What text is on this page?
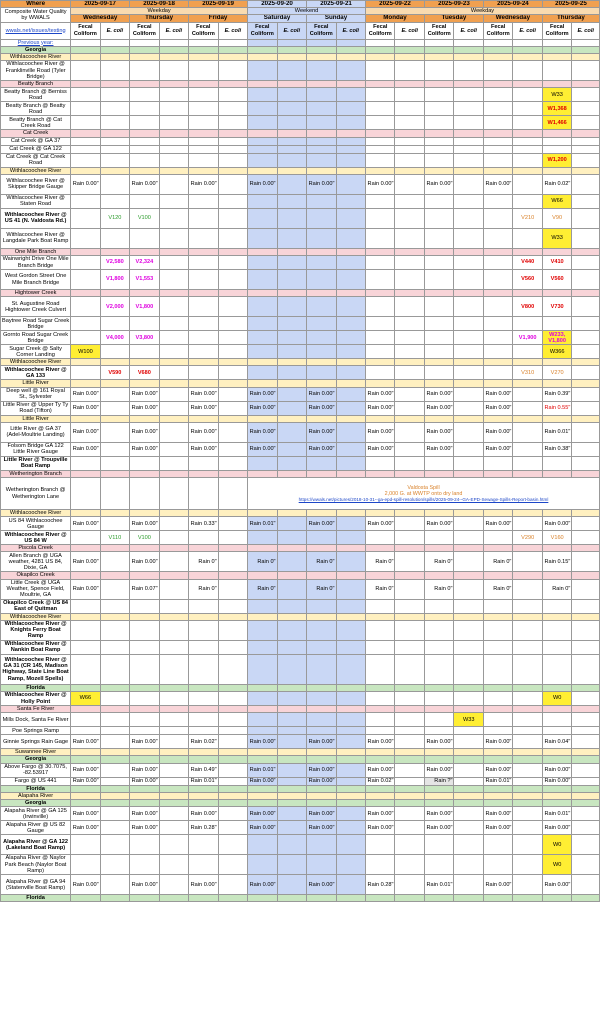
Where	2025-09-17		2025-09-18		2025-09-19		2025-09-20		2025-09-21		2025-09-22		2025-09-23		2025-09-24		2025-09-25	
Composite Water Quality by WWALS	Weekday						Weekend				Weekday							
	Wednesday		Thursday		Friday		Saturday		Sunday		Monday		Tuesday		Wednesday		Thursday	
wwals.net/issues/testing	Fecal Coliform	E. coli	Fecal Coliform	E. coli	Fecal Coliform	E. coli	Fecal Coliform	E. coli	Fecal Coliform	E. coli	Fecal Coliform	E. coli	Fecal Coliform	E. coli	Fecal Coliform	E. coli	Fecal Coliform	E. coli
Previous year:																		
Georgia																		
Withlacoochee River																		
Withlacoochee River @ Franklinville Road (Tyler Bridge)																		
Beatty Branch																		
Beatty Branch @ Berniss Road																	W33	
Beatty Branch @ Beatty Road																	W1,368	
Beatty Branch @ Cat Creek Road																	W1,466	
Cat Creek																		
Cat Creek @ GA 37																		
Cat Creek @ GA 122																		
Cat Creek @ Cat Creek Road																	W1,200	
Withlacoochee River																		
Withlacoochee River @ Skipper Bridge Gauge	Rain 0.00"		Rain 0.00"		Rain 0.00"		Rain 0.00"		Rain 0.00"		Rain 0.00"		Rain 0.00"		Rain 0.00"		Rain 0.02"	
Withlacoochee River @ Staten Road																	W66	
Withlacoochee River @ US 41 (N. Valdosta Rd.)		V120	V100													V210	V90	
Withlacoochee River @ Langdale Park Boat Ramp																	W33	
One Mile Branch																		
Wainwright Drive One Mile Branch Bridge		V2,580	V2,324													V440	V410	
West Gordon Street One Mile Branch Bridge		V1,800	V1,553													V560	V560	
Hightower Creek																		
St. Augustine Road Hightower Creek Culvert		V2,000	V1,800													V800	V730	
Baytree Road Sugar Creek Bridge																		
Gornto Road Sugar Creek Bridge		V4,000	V3,800													V1,900	W233, V1,800	
Sugar Creek @ Salty Corner Landing	W100																W366	
Withlacoochee River																		
Withlacoochee River @ GA 133		V590	V680													V310	V270	
Little River																		
Deep well @ 161 Royal St., Sylvester	Rain 0.00"		Rain 0.00"		Rain 0.00"		Rain 0.00"		Rain 0.00"		Rain 0.00"		Rain 0.00"		Rain 0.00"		Rain 0.39"	
Little River @ Upper Ty Ty Road (Tifton)	Rain 0.00"		Rain 0.00"		Rain 0.00"		Rain 0.00"		Rain 0.00"		Rain 0.00"		Rain 0.00"		Rain 0.00"		Rain 0.55"	
Little River																		
Little River @ GA 37 (Adel-Moultrie Landing)	Rain 0.00"		Rain 0.00"		Rain 0.00"		Rain 0.00"		Rain 0.00"		Rain 0.00"		Rain 0.00"		Rain 0.00"		Rain 0.01"	
Folsom Bridge GA 122 Little River Gauge	Rain 0.00"		Rain 0.00"		Rain 0.00"		Rain 0.00"		Rain 0.00"		Rain 0.00"		Rain 0.00"		Rain 0.00"		Rain 0.38"	
Little River @ Troupville Boat Ramp																		
Wetherington Branch																		
Wetherington Branch @ Wetherington Lane							Valdosta Spill
2,000 G. at WWTP onto dry land
https://wwals.net/pictures/2018-10-31--ga-epd-spill-resolution/spills/2025-09-24--GA-EPD-Sewage-Spills-Report-basin.html											

Withlacoochee River																		
US 84 Withlacoochee Gauge	Rain 0.00"		Rain 0.00"		Rain 0.33"		Rain 0.01"		Rain 0.00"		Rain 0.00"		Rain 0.00"		Rain 0.00"		Rain 0.00"	
Withlacoochee River @ US 84 W		V110	V100													V290	V160	
Piscola Creek																		
Allen Branch @ UGA weather, 4281 US 84, Dixie, GA	Rain 0.00"		Rain 0.00"		Rain 0"		Rain 0"		Rain 0"		Rain 0"		Rain 0"		Rain 0"		Rain 0.15"	
Okapilco Creek																		
Little Creek @ UGA Weather, Spence Field, Moultrie, GA	Rain 0.00"		Rain 0.07"		Rain 0"		Rain 0"		Rain 0"		Rain 0"		Rain 0"		Rain 0"		Rain 0"	
Okapilco Creek @ US 84 East of Quitman																		
Withlacoochee River																		
Withlacoochee River @ Knights Ferry Boat Ramp																		
Withlacoochee River @ Nankin Boat Ramp																		
Withlacoochee River @ GA 31 (CR 145, Madison Highway, State Line Boat Ramp, Mozell Spells)																		
Florida																		
Withlacoochee River @ Holly Point	W66																W0	
Santa Fe River																		
Mills Dock, Santa Fe River														W33				
Poe Springs Ramp																		
Ginnie Springs Rain Gage	Rain 0.00"		Rain 0.00"		Rain 0.02"		Rain 0.00"		Rain 0.00"		Rain 0.00"		Rain 0.00"		Rain 0.00"		Rain 0.04"	
Suwannee River																		
Georgia																		
Above Fargo @ 30.7075, -82.53917	Rain 0.00"		Rain 0.00"		Rain 0.49"		Rain 0.01"		Rain 0.00"		Rain 0.00"		Rain 0.00"		Rain 0.00"		Rain 0.00"	
Fargo @ US 441	Rain 0.00"		Rain 0.00"		Rain 0.01"		Rain 0.00"		Rain 0.00"		Rain 0.02"		Rain ?"		Rain 0.01"		Rain 0.00"	
Florida																		
Alapaha River																		
Georgia																		
Alapaha River @ GA 125 (Irwinville)	Rain 0.00"		Rain 0.00"		Rain 0.00"		Rain 0.00"		Rain 0.00"		Rain 0.00"		Rain 0.00"		Rain 0.00"		Rain 0.01"	
Alapaha River @ US 82 Gauge	Rain 0.00"		Rain 0.00"		Rain 0.28"		Rain 0.00"		Rain 0.00"		Rain 0.00"		Rain 0.00"		Rain 0.00"		Rain 0.00"	
Alapaha River @ GA 122 (Lakeland Boat Ramp)																	W0	
Alapaha River @ Naylor Park Beach (Naylor Boat Ramp)																	W0	
Alapaha River @ GA 94 (Statenville Boat Ramp)	Rain 0.00"		Rain 0.00"		Rain 0.00"		Rain 0.00"		Rain 0.00"		Rain 0.28"		Rain 0.01"		Rain 0.00"		Rain 0.00"	
Florida																		
